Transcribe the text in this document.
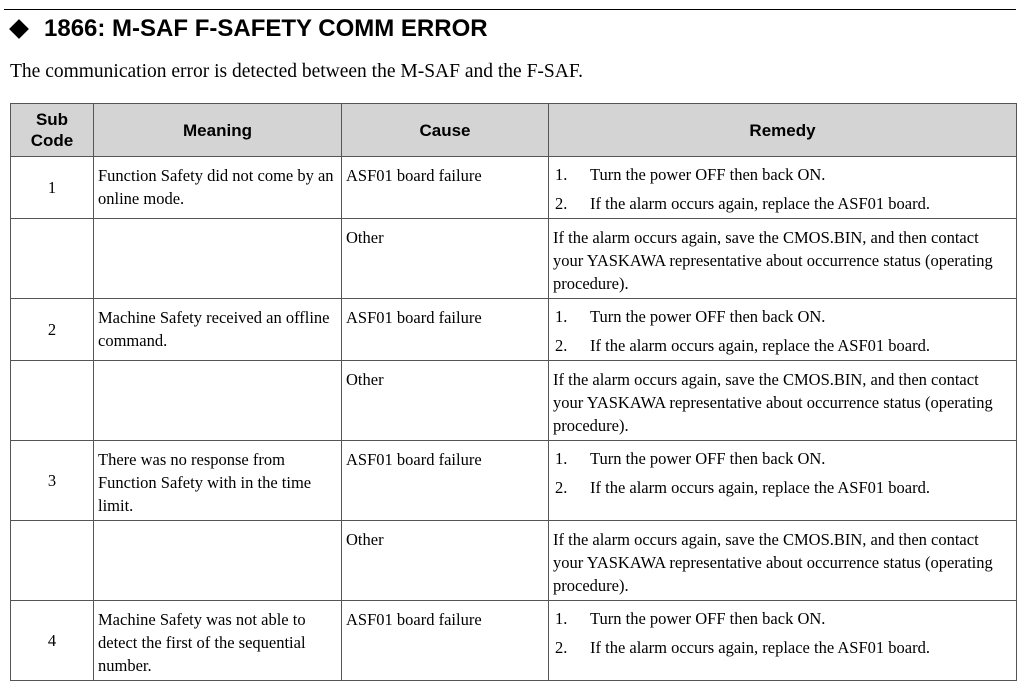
1866: M-SAF F-SAFETY COMM ERROR
The communication error is detected between the M-SAF and the F-SAF.
Sub Code	Meaning	Cause	Remedy
1	Function Safety did not come by an online mode.	ASF01 board failure	1. Turn the power OFF then back ON.
2. If the alarm occurs again, replace the ASF01 board.

		Other	If the alarm occurs again, save the CMOS.BIN, and then contact your YASKAWA representative about occurrence status (operating procedure).
2	Machine Safety received an offline command.	ASF01 board failure	1. Turn the power OFF then back ON.
2. If the alarm occurs again, replace the ASF01 board.

		Other	If the alarm occurs again, save the CMOS.BIN, and then contact your YASKAWA representative about occurrence status (operating procedure).
3	There was no response from Function Safety with in the time limit.	ASF01 board failure	1. Turn the power OFF then back ON.
2. If the alarm occurs again, replace the ASF01 board.

		Other	If the alarm occurs again, save the CMOS.BIN, and then contact your YASKAWA representative about occurrence status (operating procedure).
4	Machine Safety was not able to detect the first of the sequential number.	ASF01 board failure	1. Turn the power OFF then back ON.
2. If the alarm occurs again, replace the ASF01 board.
